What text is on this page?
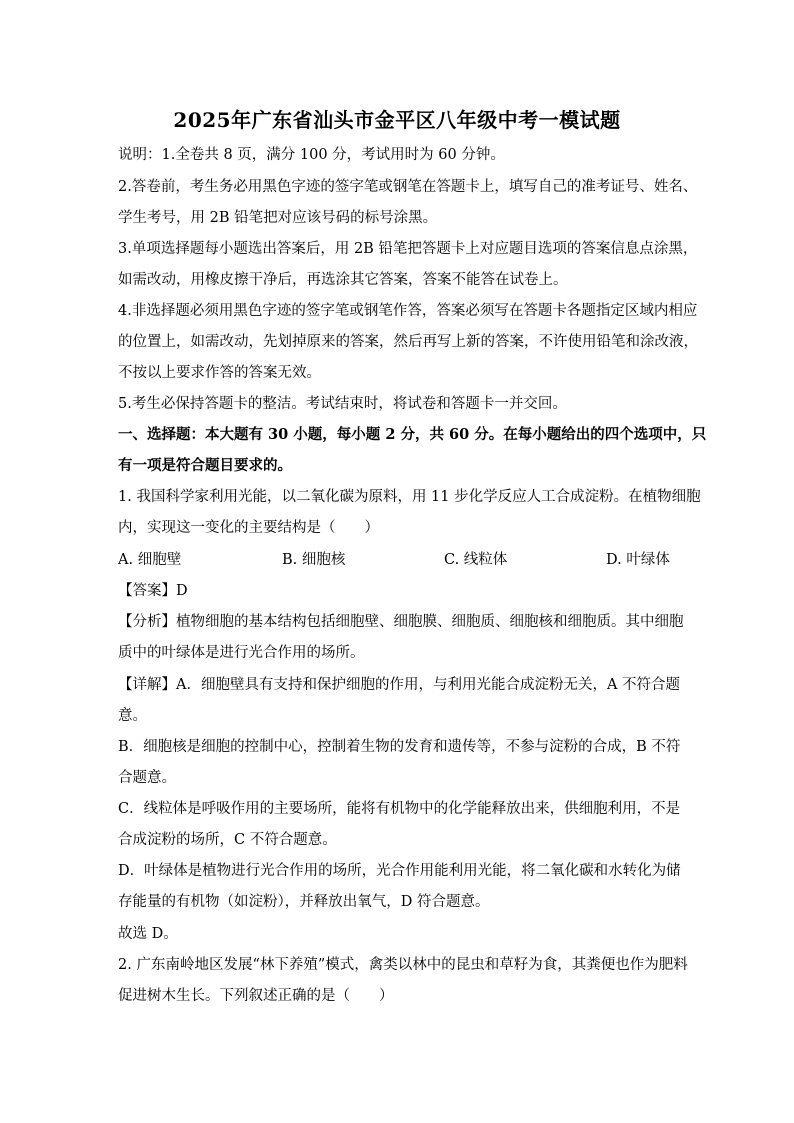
2025年广东省汕头市金平区八年级中考一模试题
说明：1.全卷共 8 页，满分 100 分，考试用时为 60 分钟。
2.答卷前，考生务必用黑色字迹的签字笔或钢笔在答题卡上，填写自己的准考证号、姓名、
学生考号，用 2B 铅笔把对应该号码的标号涂黑。
3.单项选择题每小题选出答案后，用 2B 铅笔把答题卡上对应题目选项的答案信息点涂黑，
如需改动，用橡皮擦干净后，再选涂其它答案，答案不能答在试卷上。
4.非选择题必须用黑色字迹的签字笔或钢笔作答，答案必须写在答题卡各题指定区域内相应
的位置上，如需改动，先划掉原来的答案，然后再写上新的答案，不许使用铅笔和涂改液，
不按以上要求作答的答案无效。
5.考生必保持答题卡的整洁。考试结束时，将试卷和答题卡一并交回。
一、选择题：本大题有 30 小题，每小题 2 分，共 60 分。在每小题给出的四个选项中，只
有一项是符合题目要求的。
1. 我国科学家利用光能，以二氧化碳为原料，用 11 步化学反应人工合成淀粉。在植物细胞
内，实现这一变化的主要结构是（　　）
A. 细胞壁	B. 细胞核	C. 线粒体	D. 叶绿体
【答案】D
【分析】植物细胞的基本结构包括细胞壁、细胞膜、细胞质、细胞核和细胞质。其中细胞
质中的叶绿体是进行光合作用的场所。
【详解】A．细胞壁具有支持和保护细胞的作用，与利用光能合成淀粉无关，A 不符合题
意。
B．细胞核是细胞的控制中心，控制着生物的发育和遗传等，不参与淀粉的合成，B 不符
合题意。
C．线粒体是呼吸作用的主要场所，能将有机物中的化学能释放出来，供细胞利用，不是
合成淀粉的场所，C 不符合题意。
D．叶绿体是植物进行光合作用的场所，光合作用能利用光能，将二氧化碳和水转化为储
存能量的有机物（如淀粉），并释放出氧气，D 符合题意。
故选 D。
2. 广东南岭地区发展“林下养殖”模式，禽类以林中的昆虫和草籽为食，其粪便也作为肥料
促进树木生长。下列叙述正确的是（　　）
